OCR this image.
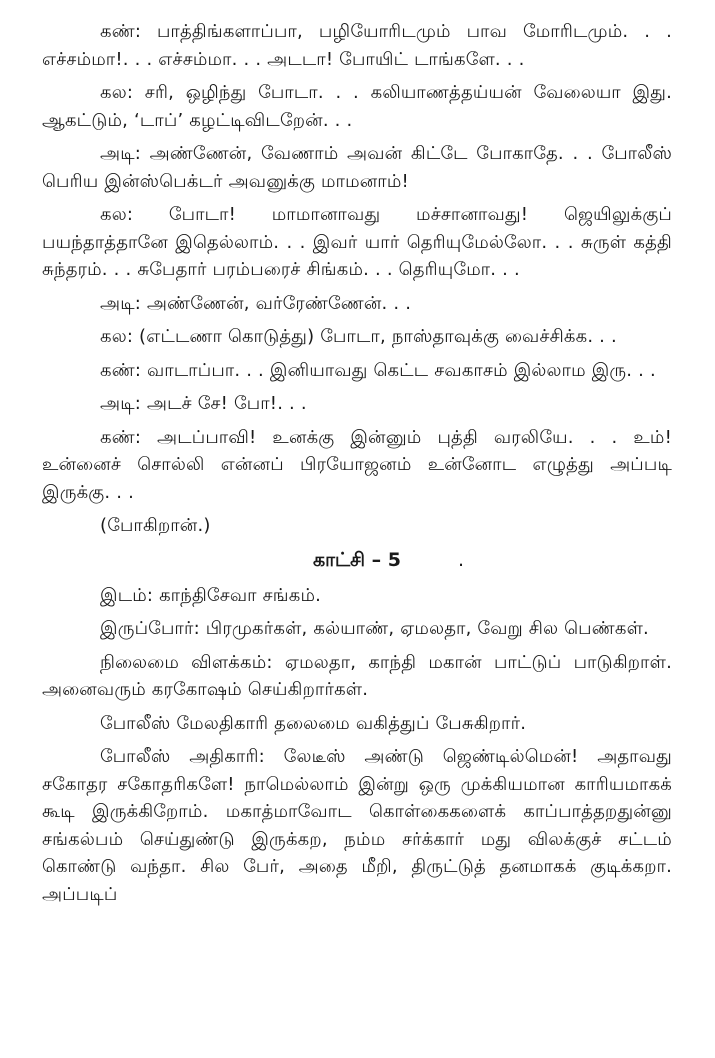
கண்: பாத்திங்களாப்பா, பழியோரிடமும் பாவ மோரிடமும். . . எச்சம்மா!. . . எச்சம்மா. . . அடடா! போயிட் டாங்களே. . .

கல: சரி, ஒழிந்து போடா. . . கலியாணத்தய்யன் வேலையா இது. ஆகட்டும், ‘டாப்’ கழட்டிவிடறேன். . .

அடி: அண்ணேன், வேணாம் அவன் கிட்டே போகாதே. . . போலீஸ் பெரிய இன்ஸ்பெக்டர் அவனுக்கு மாமனாம்!

கல: போடா! மாமானாவது மச்சானாவது! ஜெயிலுக்குப் பயந்தாத்தானே இதெல்லாம். . . இவர் யார் தெரியுமேல்லோ. . . சுருள் கத்தி சுந்தரம். . . சுபேதார் பரம்பரைச் சிங்கம். . . தெரியுமோ. . .

அடி: அண்ணேன், வர்ரேண்ணேன். . .

கல: (எட்டணா கொடுத்து) போடா, நாஸ்தாவுக்கு வைச்சிக்க. . .

கண்: வாடாப்பா. . . இனியாவது கெட்ட சவகாசம் இல்லாம இரு. . .

அடி: அடச் சே! போ!. . .

கண்: அடப்பாவி! உனக்கு இன்னும் புத்தி வரலியே. . . உம்! உன்னைச் சொல்லி என்னப் பிரயோஜனம் உன்னோட எழுத்து அப்படி இருக்கு. . .

(போகிறான்.)

காட்சி – 5	.

இடம்: காந்திசேவா சங்கம்.

இருப்போர்: பிரமுகர்கள், கல்யாண், ஏமலதா, வேறு சில பெண்கள்.

நிலைமை விளக்கம்: ஏமலதா, காந்தி மகான் பாட்டுப் பாடுகிறாள். அனைவரும் கரகோஷம் செய்கிறார்கள்.

போலீஸ் மேலதிகாரி தலைமை வகித்துப் பேசுகிறார்.

போலீஸ் அதிகாரி: லேடீஸ் அண்டு ஜெண்டில்மென்! அதாவது சகோதர சகோதரிகளே! நாமெல்லாம் இன்று ஒரு முக்கியமான காரியமாகக் கூடி இருக்கிறோம். மகாத்மாவோட கொள்கைகளைக் காப்பாத்தறதுன்னு சங்கல்பம் செய்துண்டு இருக்கற, நம்ம சர்க்கார் மது விலக்குச் சட்டம் கொண்டு வந்தா. சில பேர், அதை மீறி, திருட்டுத் தனமாகக் குடிக்கறா. அப்படிப்
